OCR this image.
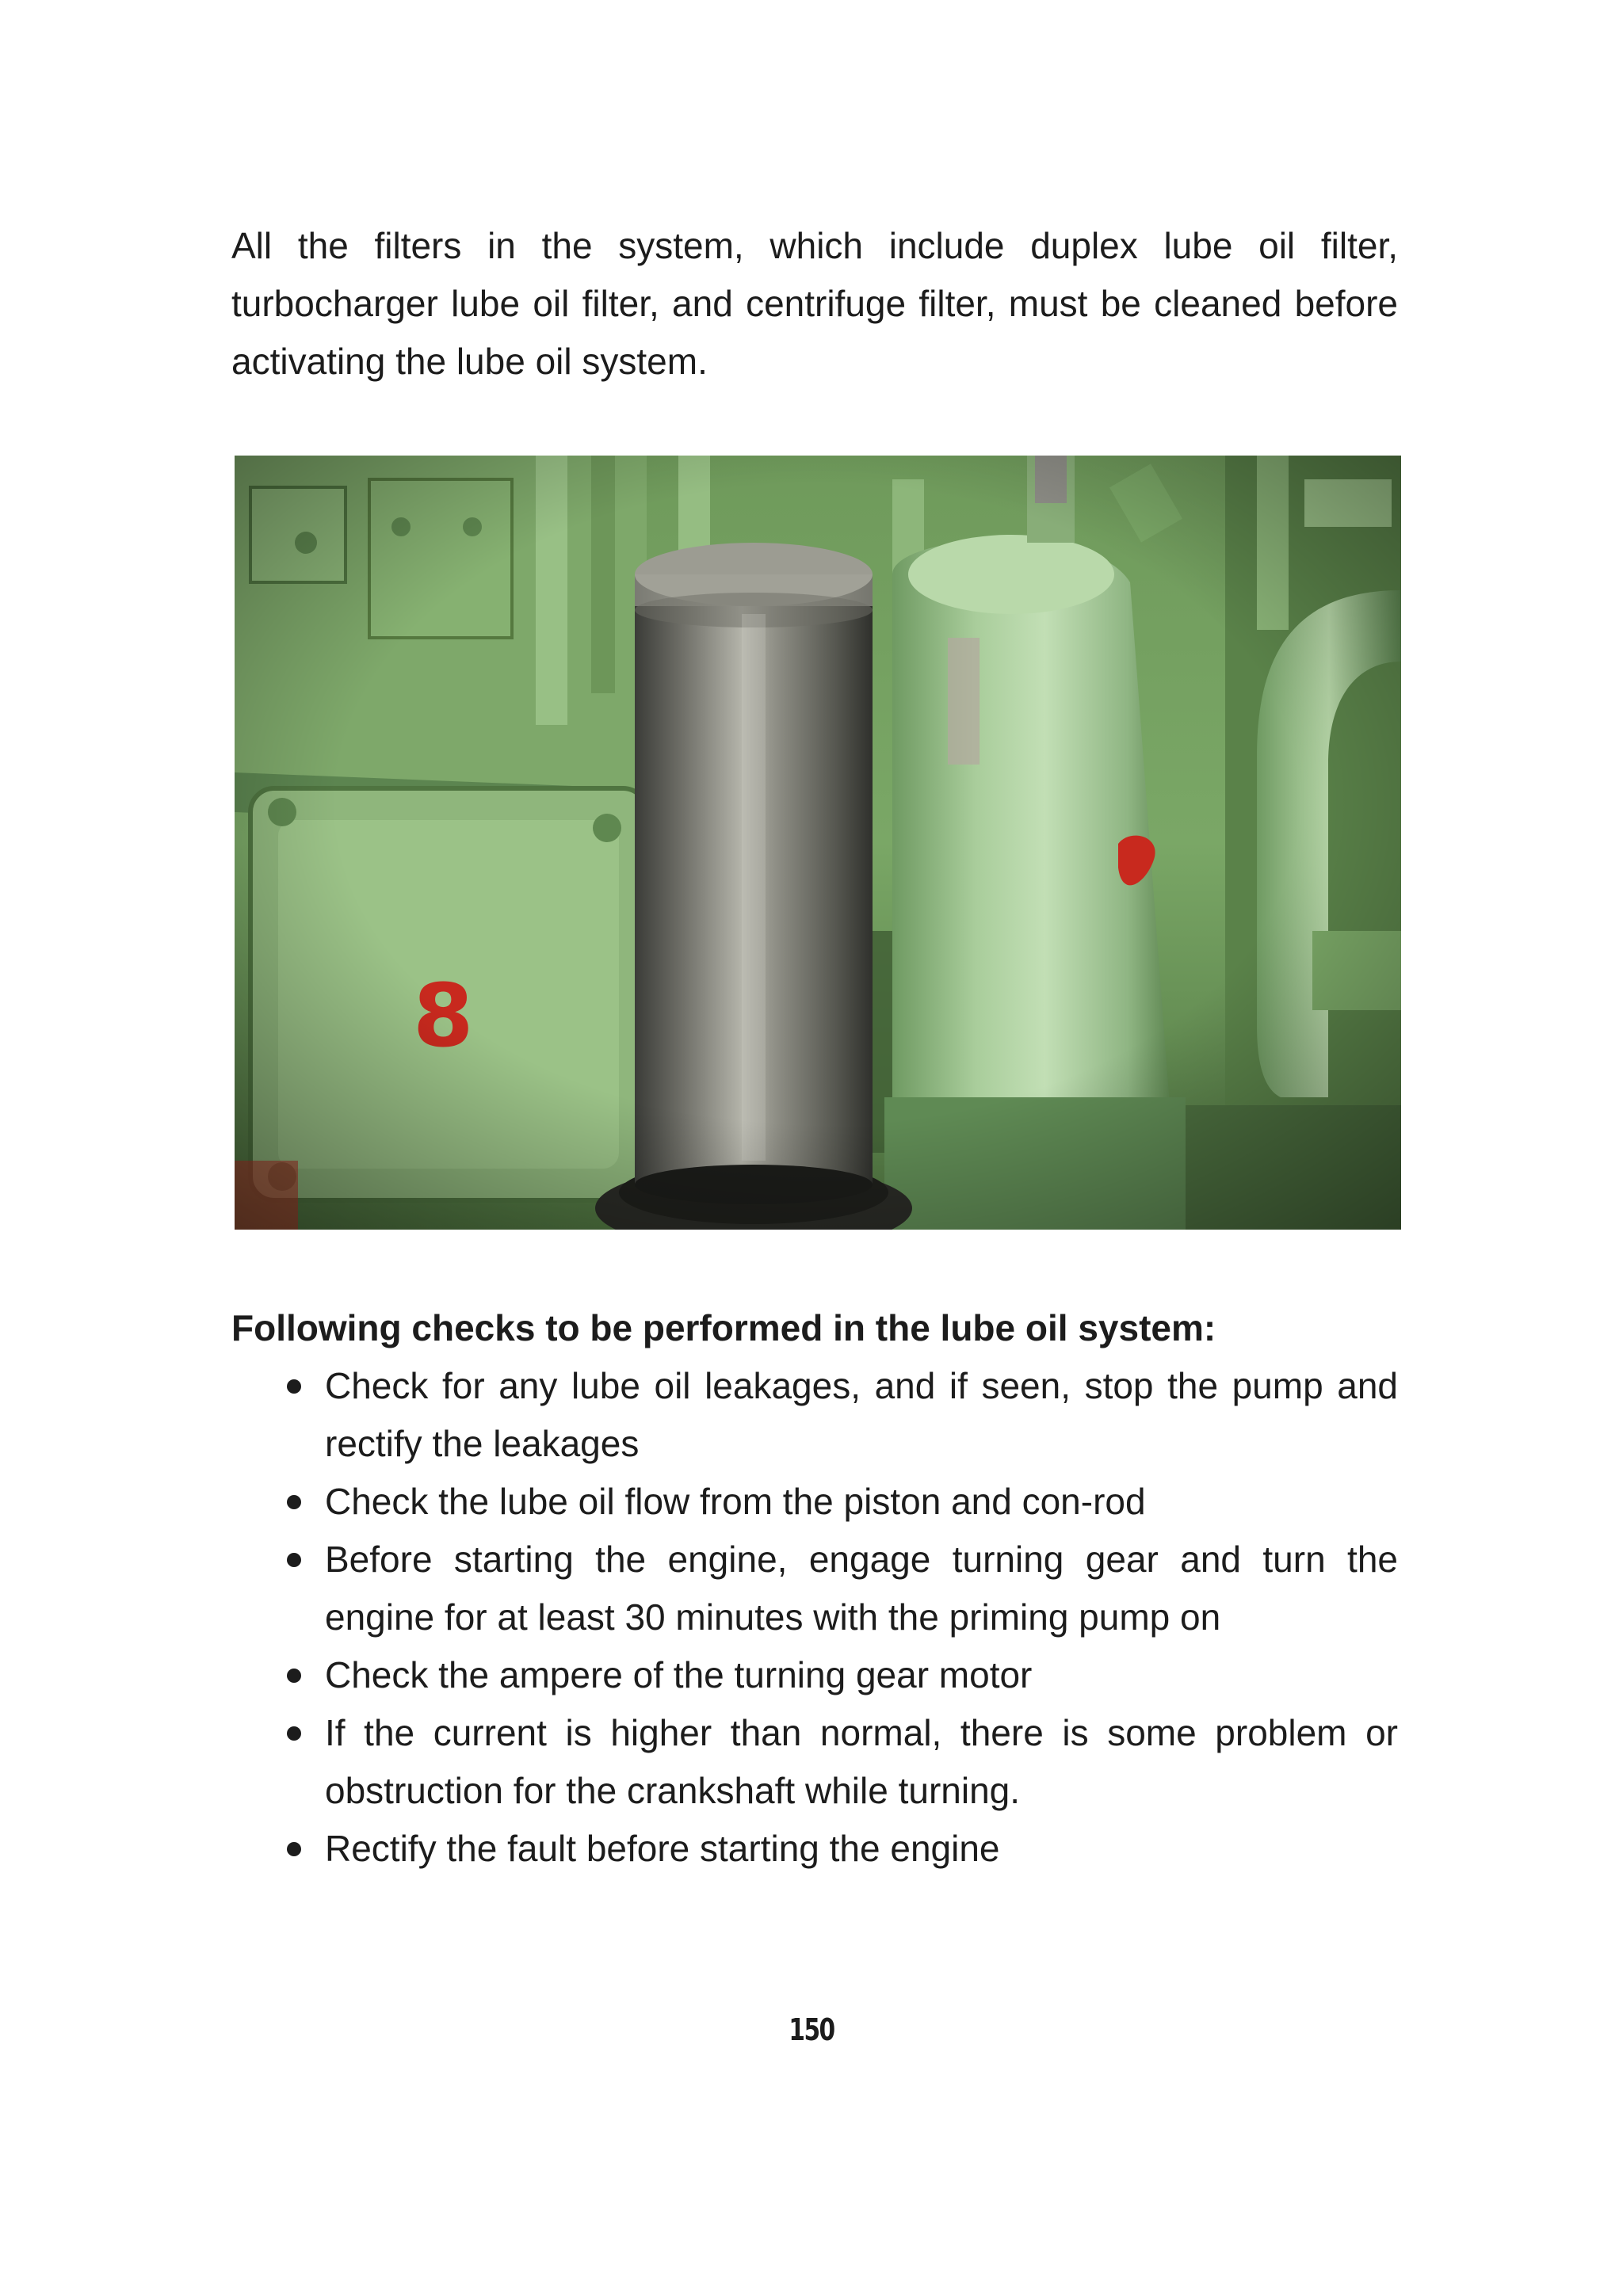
All the filters in the system, which include duplex lube oil filter, turbocharger lube oil filter, and centrifuge filter, must be cleaned before activating the lube oil system.

Following checks to be performed in the lube oil system:

Check for any lube oil leakages, and if seen, stop the pump and rectify the leakages
Check the lube oil flow from the piston and con-rod
Before starting the engine, engage turning gear and turn the engine for at least 30 minutes with the priming pump on
Check the ampere of the turning gear motor
If the current is higher than normal, there is some problem or obstruction for the crankshaft while turning.
Rectify the fault before starting the engine

150
